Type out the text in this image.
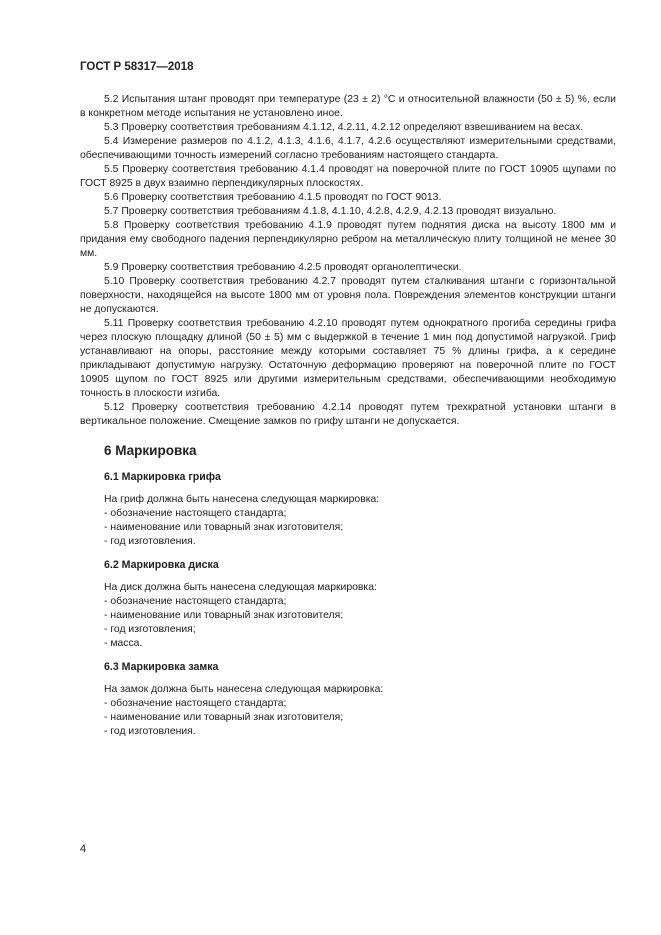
ГОСТ Р 58317—2018

5.2 Испытания штанг проводят при температуре (23 ± 2) °С и относительной влажности (50 ± 5) %, если в конкретном методе испытания не установлено иное.

5.3 Проверку соответствия требованиям 4.1.12, 4.2.11, 4.2.12 определяют взвешиванием на весах.

5.4 Измерение размеров по 4.1.2, 4.1.3, 4.1.6, 4.1.7, 4.2.6 осуществляют измерительными средствами, обеспечивающими точность измерений согласно требованиям настоящего стандарта.

5.5 Проверку соответствия требованию 4.1.4 проводят на поверочной плите по ГОСТ 10905 щупами по ГОСТ 8925 в двух взаимно перпендикулярных плоскостях.

5.6 Проверку соответствия требованию 4.1.5 проводят по ГОСТ 9013.

5.7 Проверку соответствия требованиям 4.1.8, 4.1.10, 4.2.8, 4.2.9, 4.2.13 проводят визуально.

5.8 Проверку соответствия требованию 4.1.9 проводят путем поднятия диска на высоту 1800 мм и придания ему свободного падения перпендикулярно ребром на металлическую плиту толщиной не менее 30 мм.

5.9 Проверку соответствия требованию 4.2.5 проводят органолептически.

5.10 Проверку соответствия требованию 4.2.7 проводят путем сталкивания штанги с горизонтальной поверхности, находящейся на высоте 1800 мм от уровня пола. Повреждения элементов конструкции штанги не допускаются.

5.11 Проверку соответствия требованию 4.2.10 проводят путем однократного прогиба середины грифа через плоскую площадку длиной (50 ± 5) мм с выдержкой в течение 1 мин под допустимой нагрузкой. Гриф устанавливают на опоры, расстояние между которыми составляет 75 % длины грифа, а к середине прикладывают допустимую нагрузку. Остаточную деформацию проверяют на поверочной плите по ГОСТ 10905 щупом по ГОСТ 8925 или другими измерительным средствами, обеспечивающими необходимую точность в плоскости изгиба.

5.12 Проверку соответствия требованию 4.2.14 проводят путем трехкратной установки штанги в вертикальное положение. Смещение замков по грифу штанги не допускается.

6 Маркировка

6.1 Маркировка грифа

На гриф должна быть нанесена следующая маркировка:

- обозначение настоящего стандарта;

- наименование или товарный знак изготовителя;

- год изготовления.

6.2 Маркировка диска

На диск должна быть нанесена следующая маркировка:

- обозначение настоящего стандарта;

- наименование или товарный знак изготовителя;

- год изготовления;

- масса.

6.3 Маркировка замка

На замок должна быть нанесена следующая маркировка:

- обозначение настоящего стандарта;

- наименование или товарный знак изготовителя;

- год изготовления.

4
